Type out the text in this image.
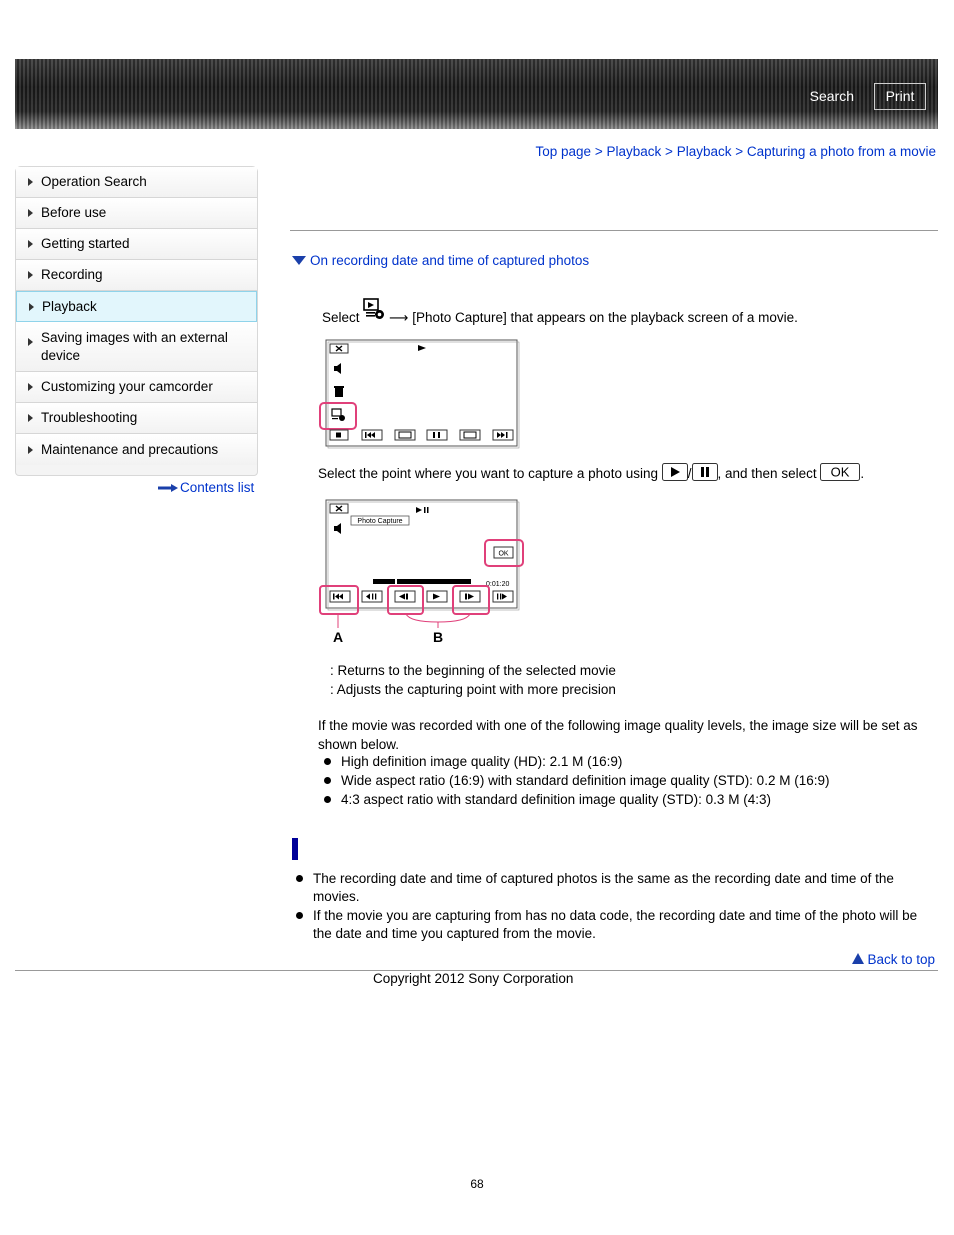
Search	Print
Top page > Playback > Playback > Capturing a photo from a movie
Operation Search
Before use
Getting started
Recording
Playback
Saving images with an external device
Customizing your camcorder
Troubleshooting
Maintenance and precautions
Contents list
On recording date and time of captured photos
Select ⟶ [Photo Capture] that appears on the playback screen of a movie.
Select the point where you want to capture a photo using / , and then select OK .
Photo Capture
OK
0:01:20
A	B
: Returns to the beginning of the selected movie
: Adjusts the capturing point with more precision
If the movie was recorded with one of the following image quality levels, the image size will be set as shown below.
High definition image quality (HD): 2.1 M (16:9)
Wide aspect ratio (16:9) with standard definition image quality (STD): 0.2 M (16:9)
4:3 aspect ratio with standard definition image quality (STD): 0.3 M (4:3)
The recording date and time of captured photos is the same as the recording date and time of the movies.
If the movie you are capturing from has no data code, the recording date and time of the photo will be the date and time you captured from the movie.
Back to top
Copyright 2012 Sony Corporation
68
